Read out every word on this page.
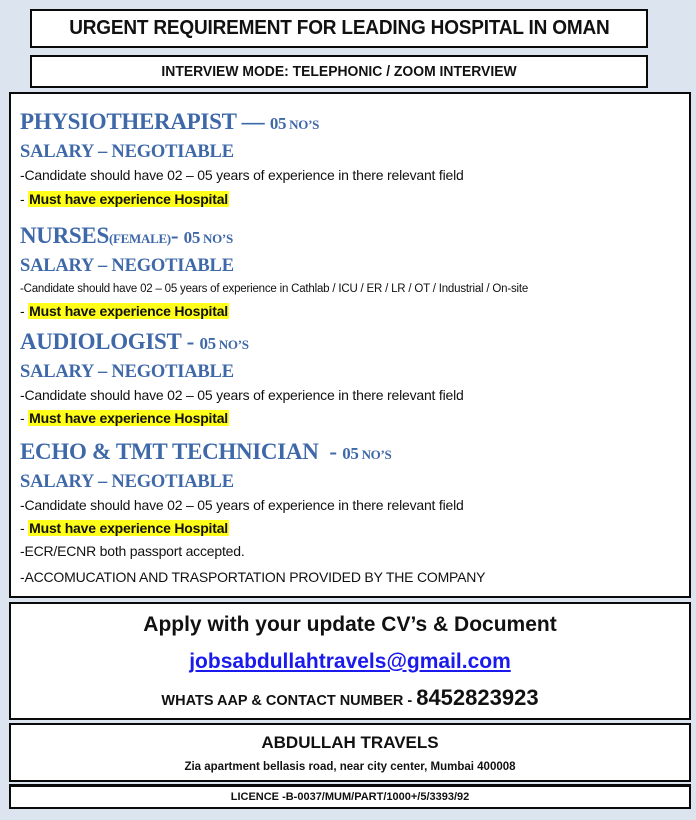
URGENT REQUIREMENT FOR LEADING HOSPITAL IN OMAN
INTERVIEW MODE: TELEPHONIC / ZOOM INTERVIEW
PHYSIOTHERAPIST — 05 NO’S
SALARY – NEGOTIABLE
-Candidate should have 02 – 05 years of experience in there relevant field
- Must have experience Hospital
NURSES(FEMALE)- 05 NO’S
SALARY – NEGOTIABLE
-Candidate should have 02 – 05 years of experience in Cathlab / ICU / ER / LR / OT / Industrial / On-site
- Must have experience Hospital
AUDIOLOGIST - 05 NO’S
SALARY – NEGOTIABLE
-Candidate should have 02 – 05 years of experience in there relevant field
- Must have experience Hospital
ECHO & TMT TECHNICIAN  - 05 NO’S
SALARY – NEGOTIABLE
-Candidate should have 02 – 05 years of experience in there relevant field
- Must have experience Hospital
-ECR/ECNR both passport accepted.
-ACCOMUCATION AND TRASPORTATION PROVIDED BY THE COMPANY
Apply with your update CV’s & Document
jobsabdullahtravels@gmail.com
WHATS AAP & CONTACT NUMBER - 8452823923
ABDULLAH TRAVELS
Zia apartment bellasis road, near city center, Mumbai 400008
LICENCE -B-0037/MUM/PART/1000+/5/3393/92
